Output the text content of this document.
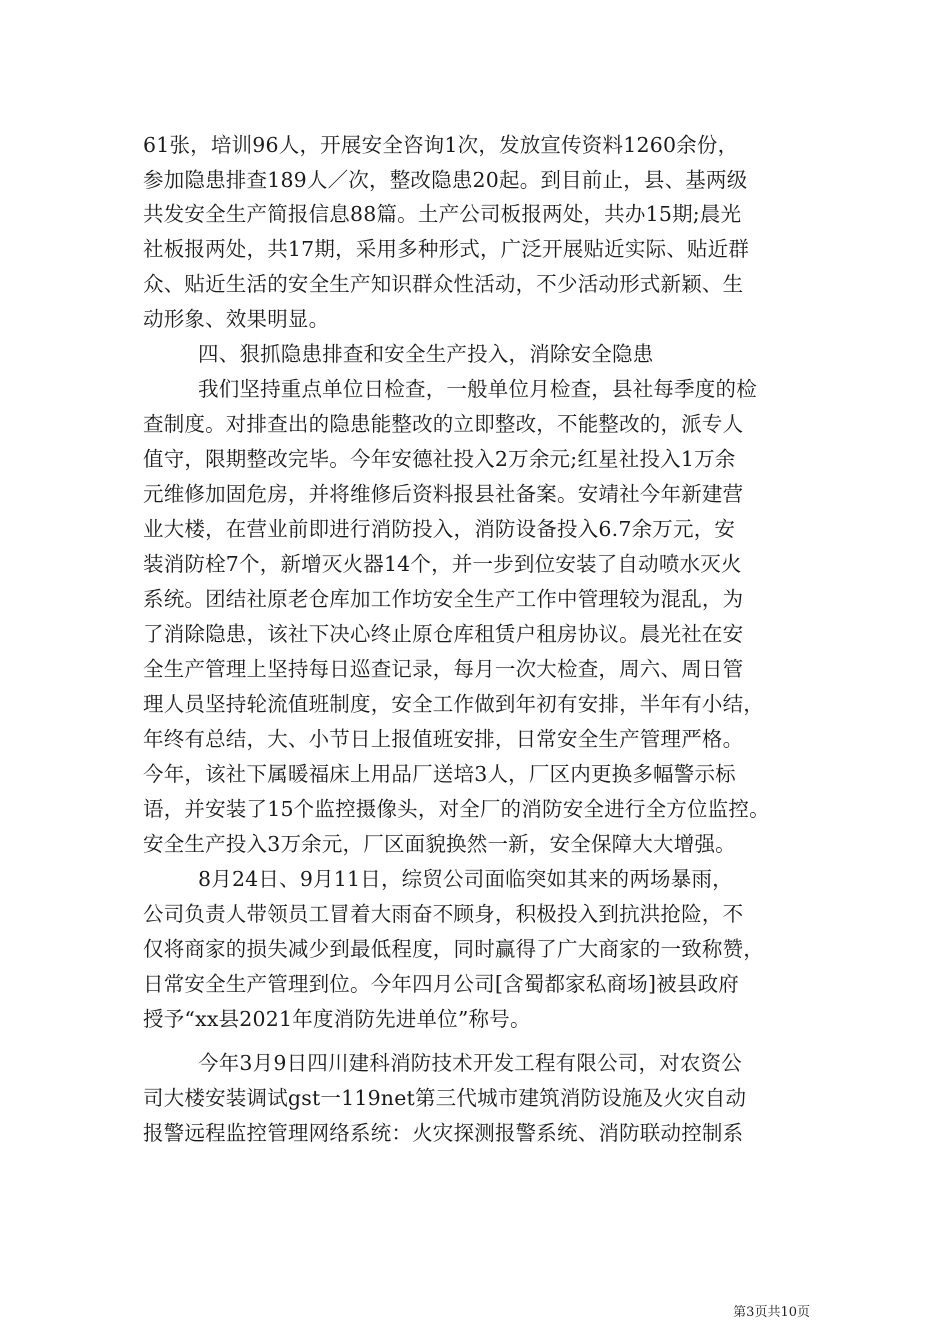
61张，培训96人，开展安全咨询1次，发放宣传资料1260余份，
参加隐患排查189人／次，整改隐患20起。到目前止，县、基两级
共发安全生产简报信息88篇。土产公司板报两处，共办15期;晨光
社板报两处，共17期，采用多种形式，广泛开展贴近实际、贴近群
众、贴近生活的安全生产知识群众性活动，不少活动形式新颖、生
动形象、效果明显。
四、狠抓隐患排查和安全生产投入，消除安全隐患
我们坚持重点单位日检查，一般单位月检查，县社每季度的检
查制度。对排查出的隐患能整改的立即整改，不能整改的，派专人
值守，限期整改完毕。今年安德社投入2万余元;红星社投入1万余
元维修加固危房，并将维修后资料报县社备案。安靖社今年新建营
业大楼，在营业前即进行消防投入，消防设备投入6.7余万元，安
装消防栓7个，新增灭火器14个，并一步到位安装了自动喷水灭火
系统。团结社原老仓库加工作坊安全生产工作中管理较为混乱，为
了消除隐患，该社下决心终止原仓库租赁户租房协议。晨光社在安
全生产管理上坚持每日巡查记录，每月一次大检查，周六、周日管
理人员坚持轮流值班制度，安全工作做到年初有安排，半年有小结，
年终有总结，大、小节日上报值班安排，日常安全生产管理严格。
今年，该社下属暖福床上用品厂送培3人，厂区内更换多幅警示标
语，并安装了15个监控摄像头，对全厂的消防安全进行全方位监控。
安全生产投入3万余元，厂区面貌换然一新，安全保障大大增强。
8月24日、9月11日，综贸公司面临突如其来的两场暴雨，
公司负责人带领员工冒着大雨奋不顾身，积极投入到抗洪抢险，不
仅将商家的损失减少到最低程度，同时赢得了广大商家的一致称赞，
日常安全生产管理到位。今年四月公司[含蜀都家私商场]被县政府
授予“xx县2021年度消防先进单位”称号。
今年3月9日四川建科消防技术开发工程有限公司，对农资公
司大楼安装调试gst一119net第三代城市建筑消防设施及火灾自动
报警远程监控管理网络系统：火灾探测报警系统、消防联动控制系
第3页共10页
